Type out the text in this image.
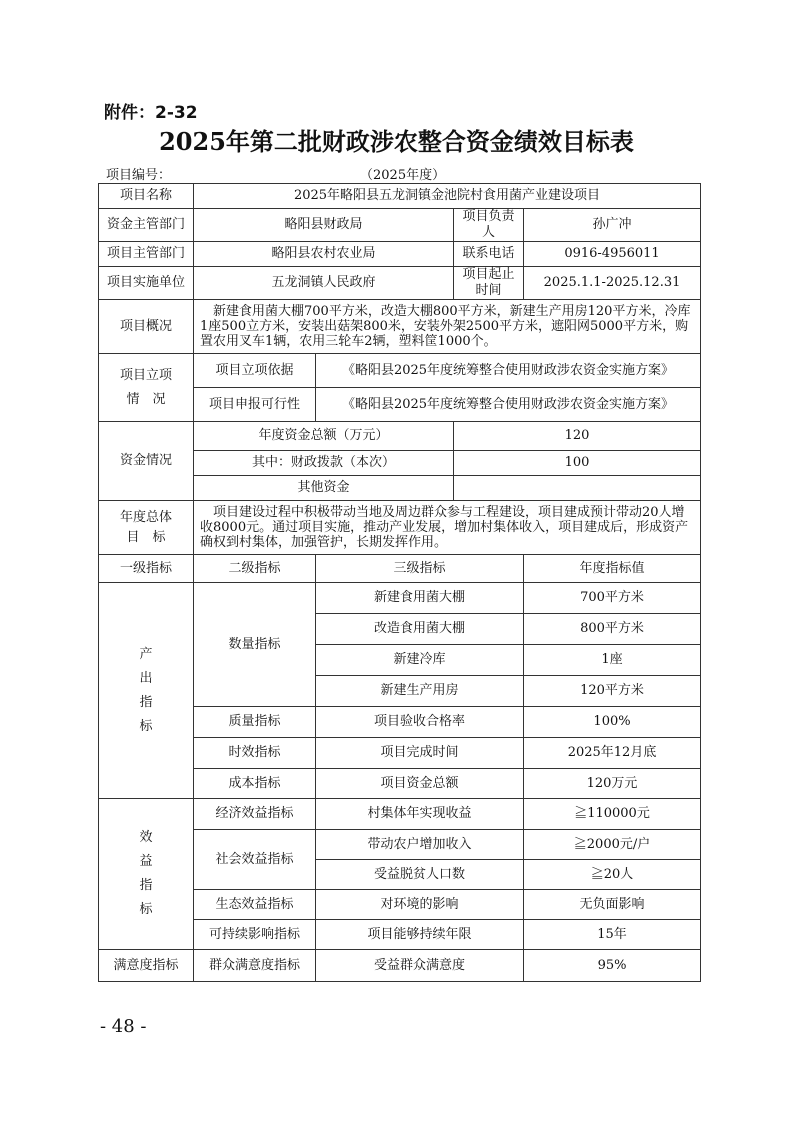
附件：2-32
2025年第二批财政涉农整合资金绩效目标表
项目编号：	（2025年度）
项目名称	2025年略阳县五龙洞镇金池院村食用菌产业建设项目			
资金主管部门	略阳县财政局		项目负责人	孙广冲
项目主管部门	略阳县农村农业局		联系电话	0916-4956011
项目实施单位	五龙洞镇人民政府		项目起止时间	2025.1.1-2025.12.31
项目概况	新建食用菌大棚700平方米，改造大棚800平方米，新建生产用房120平方米，冷库1座500立方米，安装出菇架800米，安装外架2500平方米，遮阳网5000平方米，购置农用叉车1辆，农用三轮车2辆，塑料筐1000个。			

项目立项
情　况	项目立项依据	《略阳县2025年度统筹整合使用财政涉农资金实施方案》		
	项目申报可行性	《略阳县2025年度统筹整合使用财政涉农资金实施方案》		
资金情况	年度资金总额（万元）		120	
	其中：财政拨款（本次）		100	
	其他资金			

年度总体
目　标	项目建设过程中积极带动当地及周边群众参与工程建设，项目建成预计带动20人增收8000元。通过项目实施，推动产业发展，增加村集体收入，项目建成后，形成资产确权到村集体，加强管护，长期发挥作用。			

一级指标	二级指标	三级指标		年度指标值

产
出
指
标	数量指标	新建食用菌大棚		700平方米
		改造食用菌大棚		800平方米
		新建冷库		1座
		新建生产用房		120平方米
	质量指标	项目验收合格率		100%
	时效指标	项目完成时间		2025年12月底
	成本指标	项目资金总额		120万元

效
益
指
标	经济效益指标	村集体年实现收益		≧110000元
	社会效益指标	带动农户增加收入		≧2000元/户
		受益脱贫人口数		≧20人
	生态效益指标	对环境的影响		无负面影响
	可持续影响指标	项目能够持续年限		15年
满意度指标	群众满意度指标	受益群众满意度		95%
- 48 -
